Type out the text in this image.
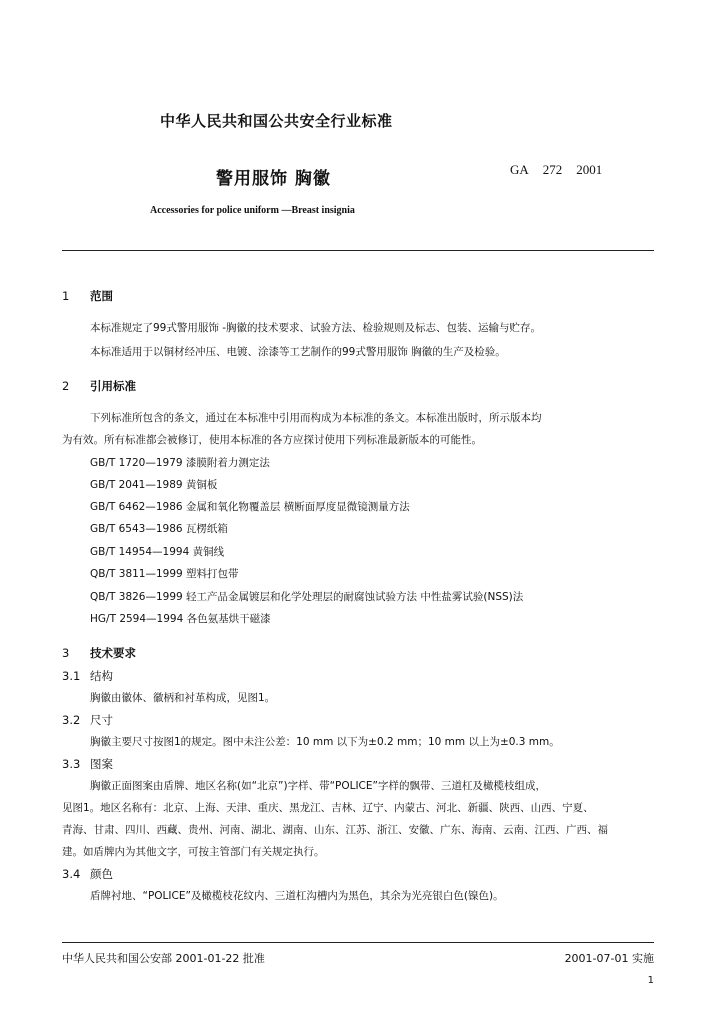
中华人民共和国公共安全行业标准
警用服饰 胸徽	GA 272 2001
Accessories for police uniform —Breast insignia
1 范围
本标准规定了99式警用服饰 -胸徽的技术要求、试验方法、检验规则及标志、包装、运输与贮存。
本标准适用于以铜材经冲压、电镀、涂漆等工艺制作的99式警用服饰 胸徽的生产及检验。
2 引用标准
下列标准所包含的条文，通过在本标准中引用而构成为本标准的条文。本标准出版时，所示版本均
为有效。所有标准都会被修订，使用本标准的各方应探讨使用下列标准最新版本的可能性。
GB/T 1720—1979 漆膜附着力测定法
GB/T 2041—1989 黄铜板
GB/T 6462—1986 金属和氧化物覆盖层 横断面厚度显微镜测量方法
GB/T 6543—1986 瓦楞纸箱
GB/T 14954—1994 黄铜线
QB/T 3811—1999 塑料打包带
QB/T 3826—1999 轻工产品金属镀层和化学处理层的耐腐蚀试验方法 中性盐雾试验(NSS)法
HG/T 2594—1994 各色氨基烘干磁漆
3 技术要求
3.1 结构
胸徽由徽体、徽柄和衬革构成，见图1。
3.2 尺寸
胸徽主要尺寸按图1的规定。图中未注公差：10 mm 以下为±0.2 mm；10 mm 以上为±0.3 mm。
3.3 图案
胸徽正面图案由盾牌、地区名称(如“北京”)字样、带“POLICE”字样的飘带、三道杠及橄榄枝组成，
见图1。地区名称有：北京、上海、天津、重庆、黑龙江、吉林、辽宁、内蒙古、河北、新疆、陕西、山西、宁夏、
青海、甘肃、四川、西藏、贵州、河南、湖北、湖南、山东、江苏、浙江、安徽、广东、海南、云南、江西、广西、福
建。如盾牌内为其他文字，可按主管部门有关规定执行。
3.4 颜色
盾牌衬地、“POLICE”及橄榄枝花纹内、三道杠沟槽内为黑色，其余为光亮银白色(镍色)。
中华人民共和国公安部 2001-01-22 批准	2001-07-01 实施
1
